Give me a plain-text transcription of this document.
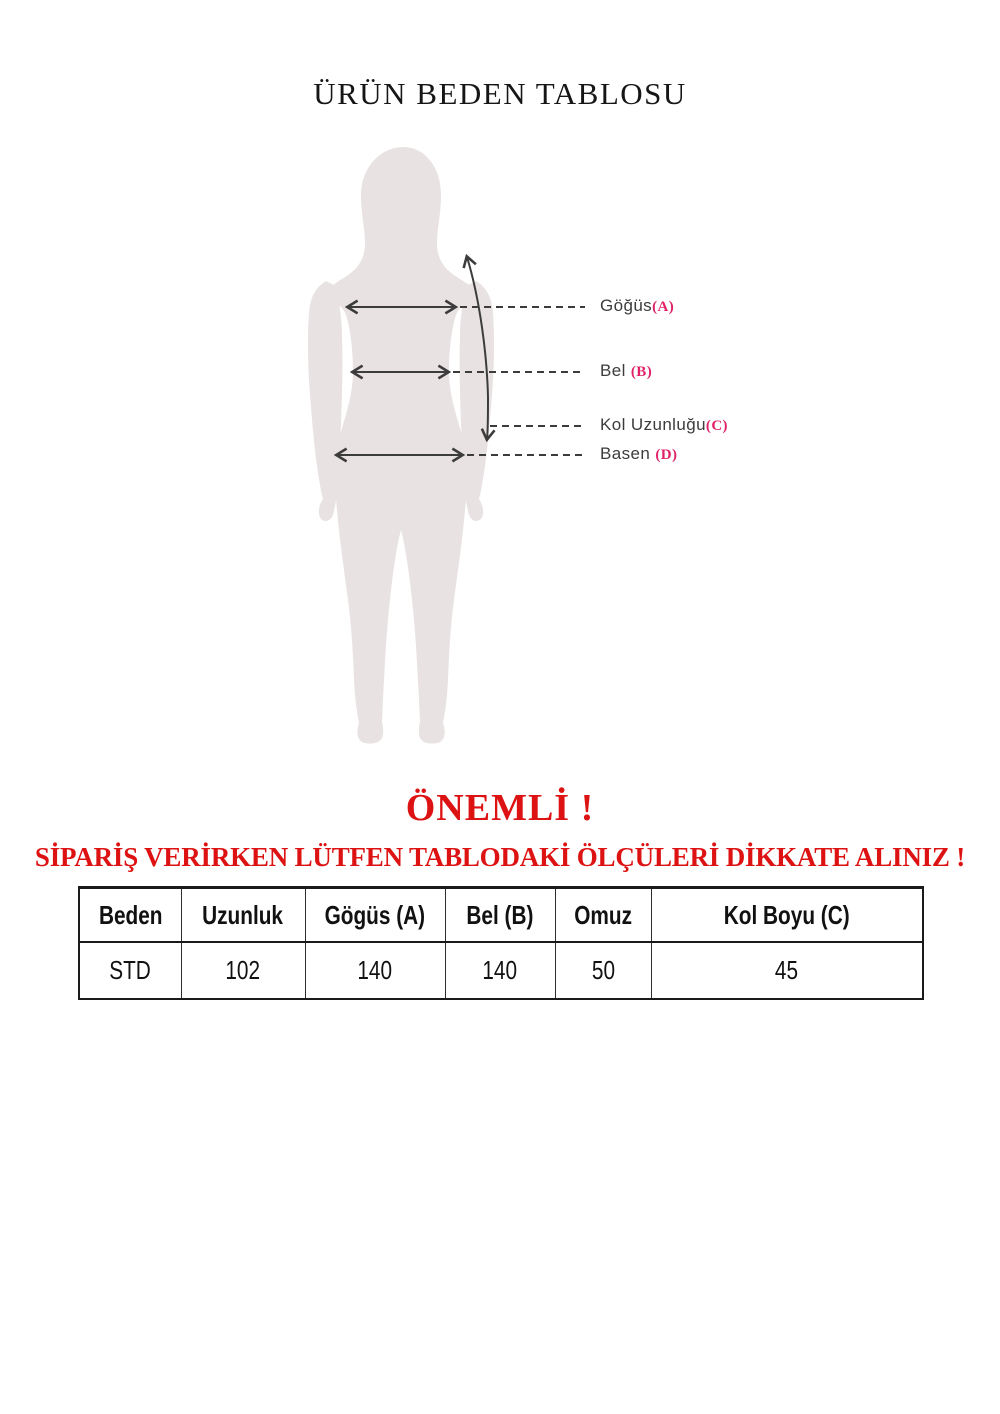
ÜRÜN BEDEN TABLOSU
Göğüs(A)
Bel (B)
Kol Uzunluğu(C)
Basen (D)
ÖNEMLİ !
SİPARİŞ VERİRKEN LÜTFEN TABLODAKİ ÖLÇÜLERİ DİKKATE ALINIZ !
Beden	Uzunluk	Gögüs (A)	Bel (B)	Omuz	Kol Boyu (C)
STD	102	140	140	50	45
